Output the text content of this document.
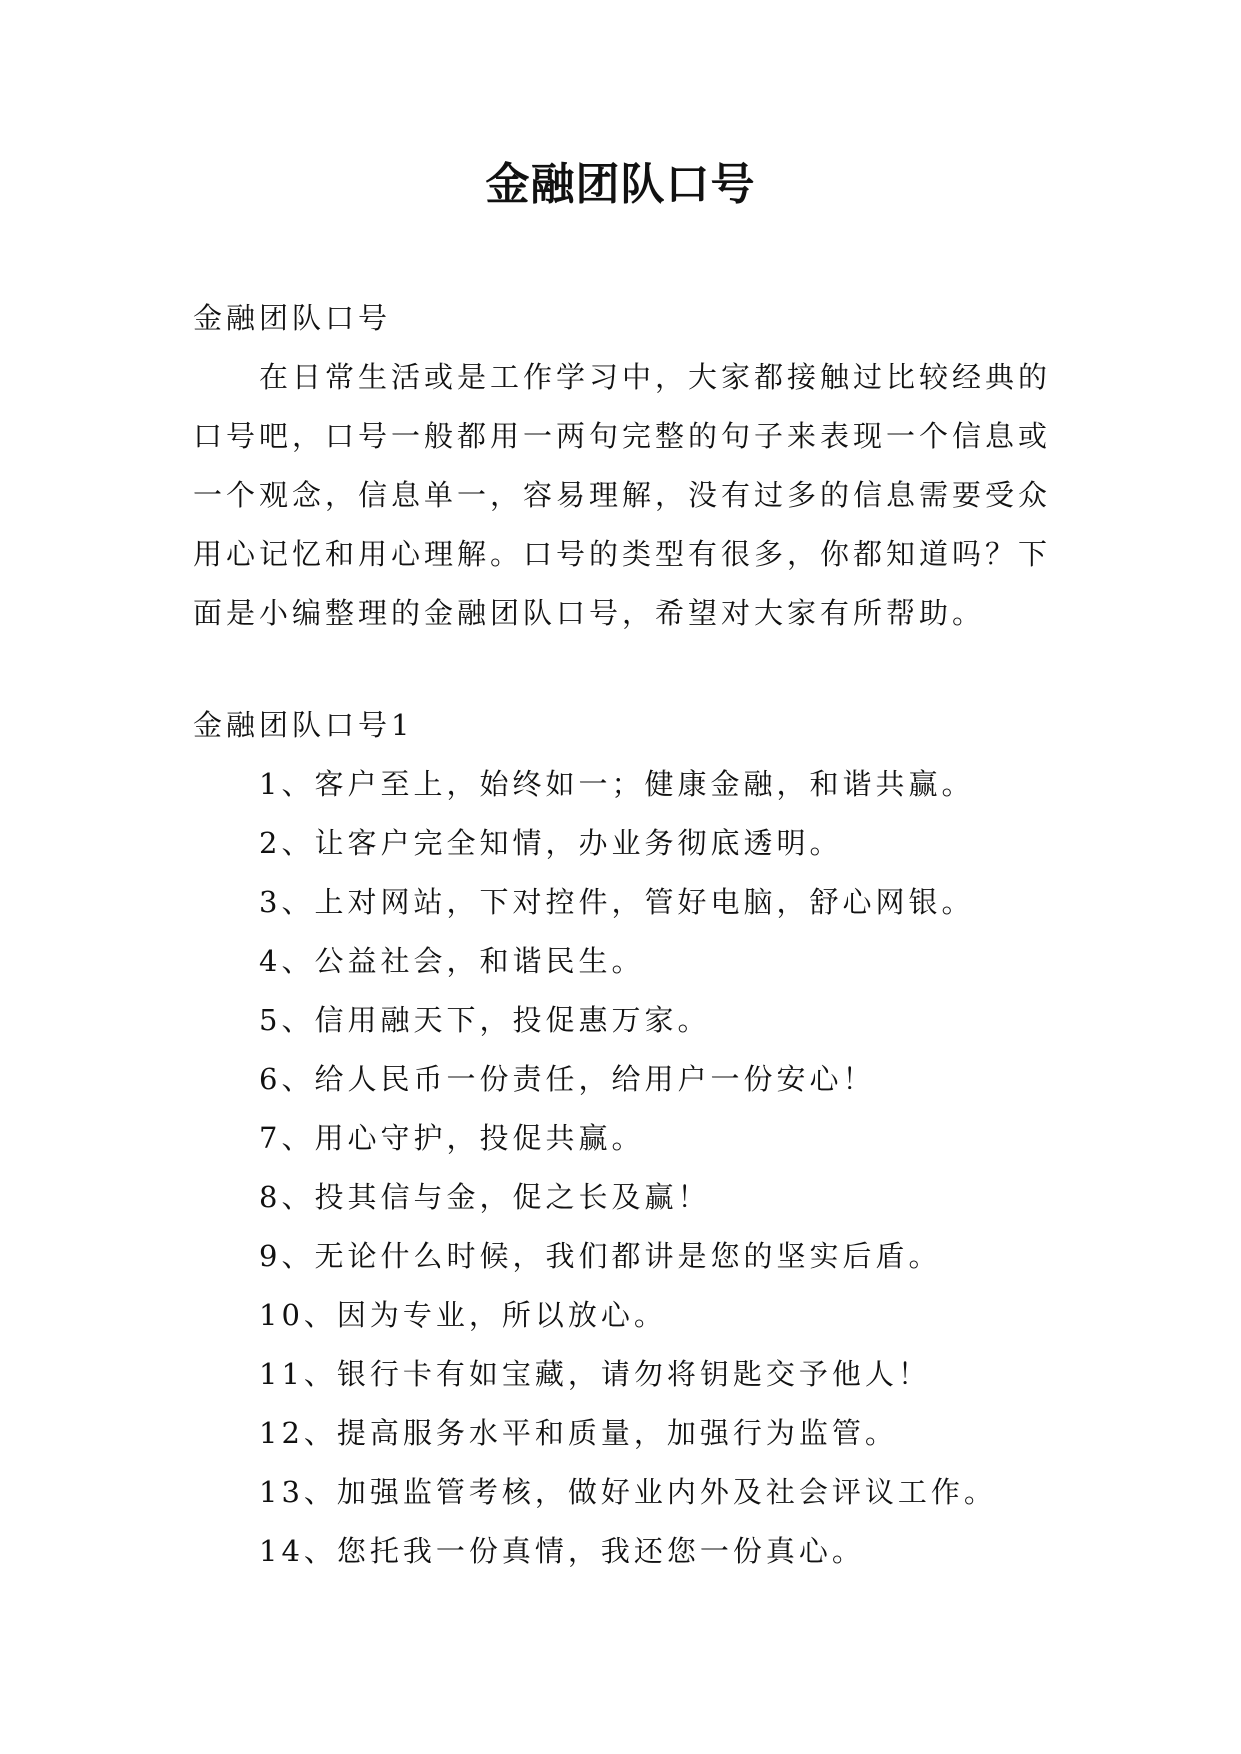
金融团队口号
金融团队口号
在日常生活或是工作学习中，大家都接触过比较经典的
口号吧，口号一般都用一两句完整的句子来表现一个信息或
一个观念，信息单一，容易理解，没有过多的信息需要受众
用心记忆和用心理解。口号的类型有很多，你都知道吗？下
面是小编整理的金融团队口号，希望对大家有所帮助。
金融团队口号1
1、客户至上，始终如一；健康金融，和谐共赢。
2、让客户完全知情，办业务彻底透明。
3、上对网站，下对控件，管好电脑，舒心网银。
4、公益社会，和谐民生。
5、信用融天下，投促惠万家。
6、给人民币一份责任，给用户一份安心！
7、用心守护，投促共赢。
8、投其信与金，促之长及赢！
9、无论什么时候，我们都讲是您的坚实后盾。
10、因为专业，所以放心。
11、银行卡有如宝藏，请勿将钥匙交予他人！
12、提高服务水平和质量，加强行为监管。
13、加强监管考核，做好业内外及社会评议工作。
14、您托我一份真情，我还您一份真心。
